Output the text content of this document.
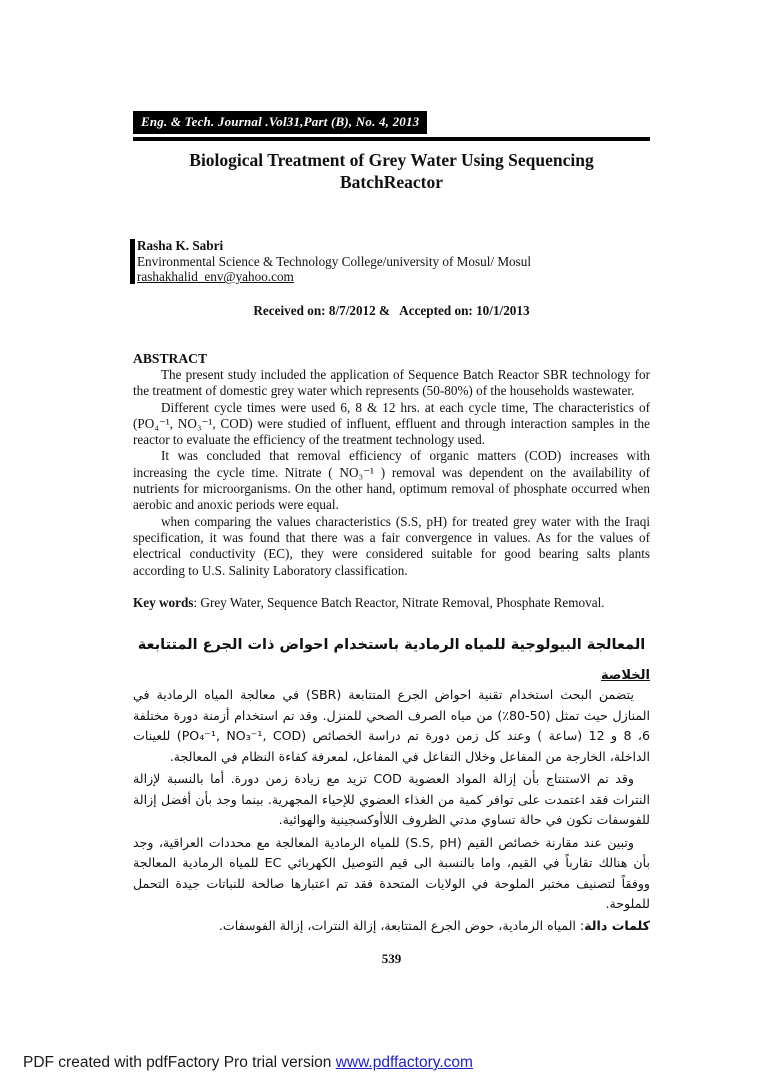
Eng. & Tech. Journal .Vol31,Part (B), No. 4, 2013
Biological Treatment of Grey Water Using Sequencing BatchReactor
Rasha K. Sabri
Environmental Science & Technology College/university of Mosul/ Mosul
rashakhalid_env@yahoo.com
Received on: 8/7/2012 &   Accepted on: 10/1/2013
ABSTRACT

The present study included the application of Sequence Batch Reactor SBR technology for the treatment of domestic grey water which represents (50-80%) of the households wastewater.

Different cycle times were used 6, 8 & 12 hrs. at each cycle time, The characteristics of (PO₄⁻¹, NO₃⁻¹, COD) were studied of influent, effluent and through interaction samples in the reactor to evaluate the efficiency of the treatment technology used.

It was concluded that removal efficiency of organic matters (COD) increases with increasing the cycle time. Nitrate ( NO₃⁻¹ ) removal was dependent on the availability of nutrients for microorganisms. On the other hand, optimum removal of phosphate occurred when aerobic and anoxic periods were equal.

when comparing the values characteristics (S.S, pH) for treated grey water with the Iraqi specification, it was found that there was a fair convergence in values. As for the values of electrical conductivity (EC), they were considered suitable for good bearing salts plants according to U.S. Salinity Laboratory classification.

Key words: Grey Water, Sequence Batch Reactor, Nitrate Removal, Phosphate Removal.
المعالجة البيولوجية للمياه الرمادية باستخدام احواض ذات الجرع المتتابعة
الخلاصة

يتضمن البحث استخدام تقنية احواض الجرع المتتابعة (SBR) في معالجة المياه الرمادية في المنازل حيث تمثل (50-80٪) من مياه الصرف الصحي للمنزل. وقد تم استخدام أزمنة دورة مختلفة 6، 8 و 12 (ساعة ) وعند كل زمن دورة تم دراسة الخصائص (PO₄⁻¹, NO₃⁻¹, COD) للعينات الداخلة، الخارجة من المفاعل وخلال التفاعل في المفاعل، لمعرفة كفاءة النظام في المعالجة.

وقد تم الاستنتاج بأن إزالة المواد العضوية COD تزيد مع زيادة زمن دورة. أما بالنسبة لإزالة النترات فقد اعتمدت على توافر كمية من الغذاء العضوي للإحياء المجهرية. بينما وجد بأن أفضل إزالة للفوسفات تكون في حالة تساوي مدتي الظروف اللاأوكسجينية والهوائية.

وتبين عند مقارنة خصائص القيم (S.S, pH) للمياه الرمادية المعالجة مع محددات العراقية، وجد بأن هنالك تقارباً في القيم، واما بالنسبة الى قيم التوصيل الكهربائي EC للمياه الرمادية المعالجة ووفقاً لتصنيف مختبر الملوحة في الولايات المتحدة فقد تم اعتبارها صالحة للنباتات جيدة التحمل للملوحة.

كلمات دالة: المياه الرمادية، حوض الجرع المتتابعة، إزالة النترات، إزالة الفوسفات.
539
PDF created with pdfFactory Pro trial version www.pdffactory.com
